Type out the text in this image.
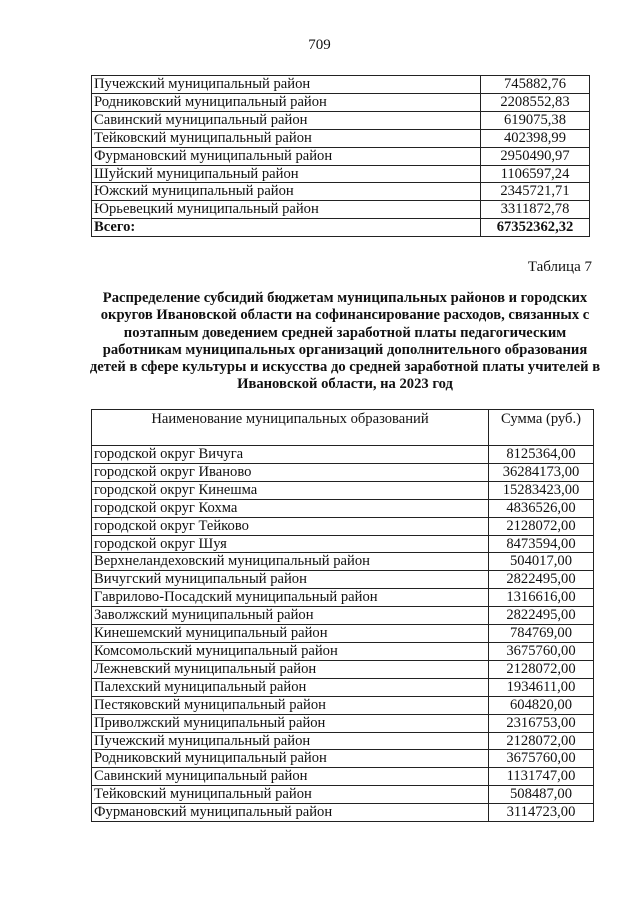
709
Пучежский муниципальный район	745882,76
Родниковский муниципальный район	2208552,83
Савинский муниципальный район	619075,38
Тейковский муниципальный район	402398,99
Фурмановский муниципальный район	2950490,97
Шуйский муниципальный район	1106597,24
Южский муниципальный район	2345721,71
Юрьевецкий муниципальный район	3311872,78
Всего:	67352362,32
Таблица 7
Распределение субсидий бюджетам муниципальных районов и городских округов Ивановской области на софинансирование расходов, связанных с поэтапным доведением средней заработной платы педагогическим работникам муниципальных организаций дополнительного образования детей в сфере культуры и искусства до средней заработной платы учителей в Ивановской области, на 2023 год
Наименование муниципальных образований	Сумма (руб.)
городской округ Вичуга	8125364,00
городской округ Иваново	36284173,00
городской округ Кинешма	15283423,00
городской округ Кохма	4836526,00
городской округ Тейково	2128072,00
городской округ Шуя	8473594,00
Верхнеландеховский муниципальный район	504017,00
Вичугский муниципальный район	2822495,00
Гаврилово-Посадский муниципальный район	1316616,00
Заволжский муниципальный район	2822495,00
Кинешемский муниципальный район	784769,00
Комсомольский муниципальный район	3675760,00
Лежневский муниципальный район	2128072,00
Палехский муниципальный район	1934611,00
Пестяковский муниципальный район	604820,00
Приволжский муниципальный район	2316753,00
Пучежский муниципальный район	2128072,00
Родниковский муниципальный район	3675760,00
Савинский муниципальный район	1131747,00
Тейковский муниципальный район	508487,00
Фурмановский муниципальный район	3114723,00
